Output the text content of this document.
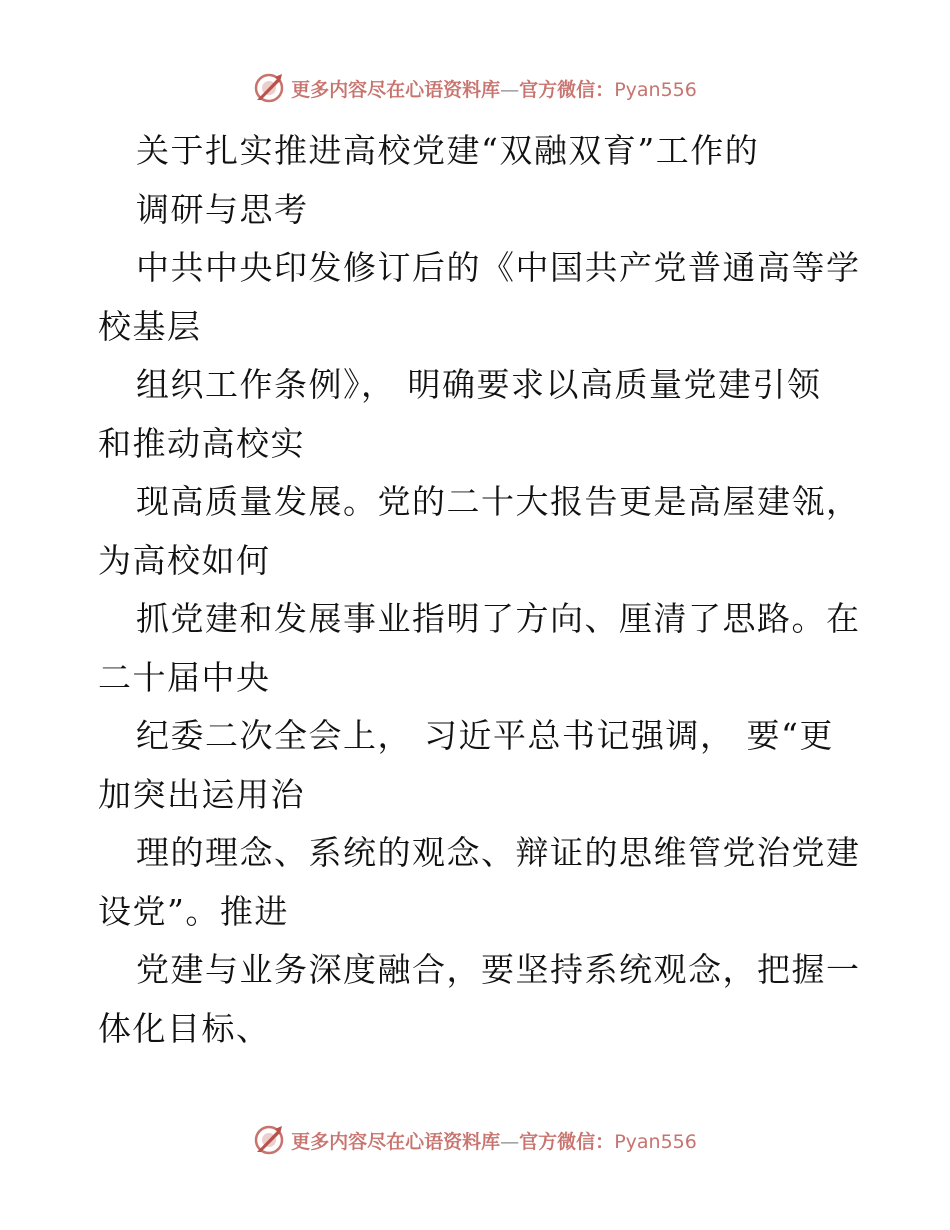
更多内容尽在心语资料库—官方微信：Pyan556
关于扎实推进高校党建“双融双育”工作的
调研与思考
中共中央印发修订后的《中国共产党普通高等学
校基层
组织工作条例》， 明确要求以高质量党建引领
和推动高校实
现高质量发展。党的二十大报告更是高屋建瓴，
为高校如何
抓党建和发展事业指明了方向、厘清了思路。在
二十届中央
纪委二次全会上， 习近平总书记强调， 要“更
加突出运用治
理的理念、系统的观念、辩证的思维管党治党建
设党”。推进
党建与业务深度融合，要坚持系统观念，把握一
体化目标、
更多内容尽在心语资料库—官方微信：Pyan556
